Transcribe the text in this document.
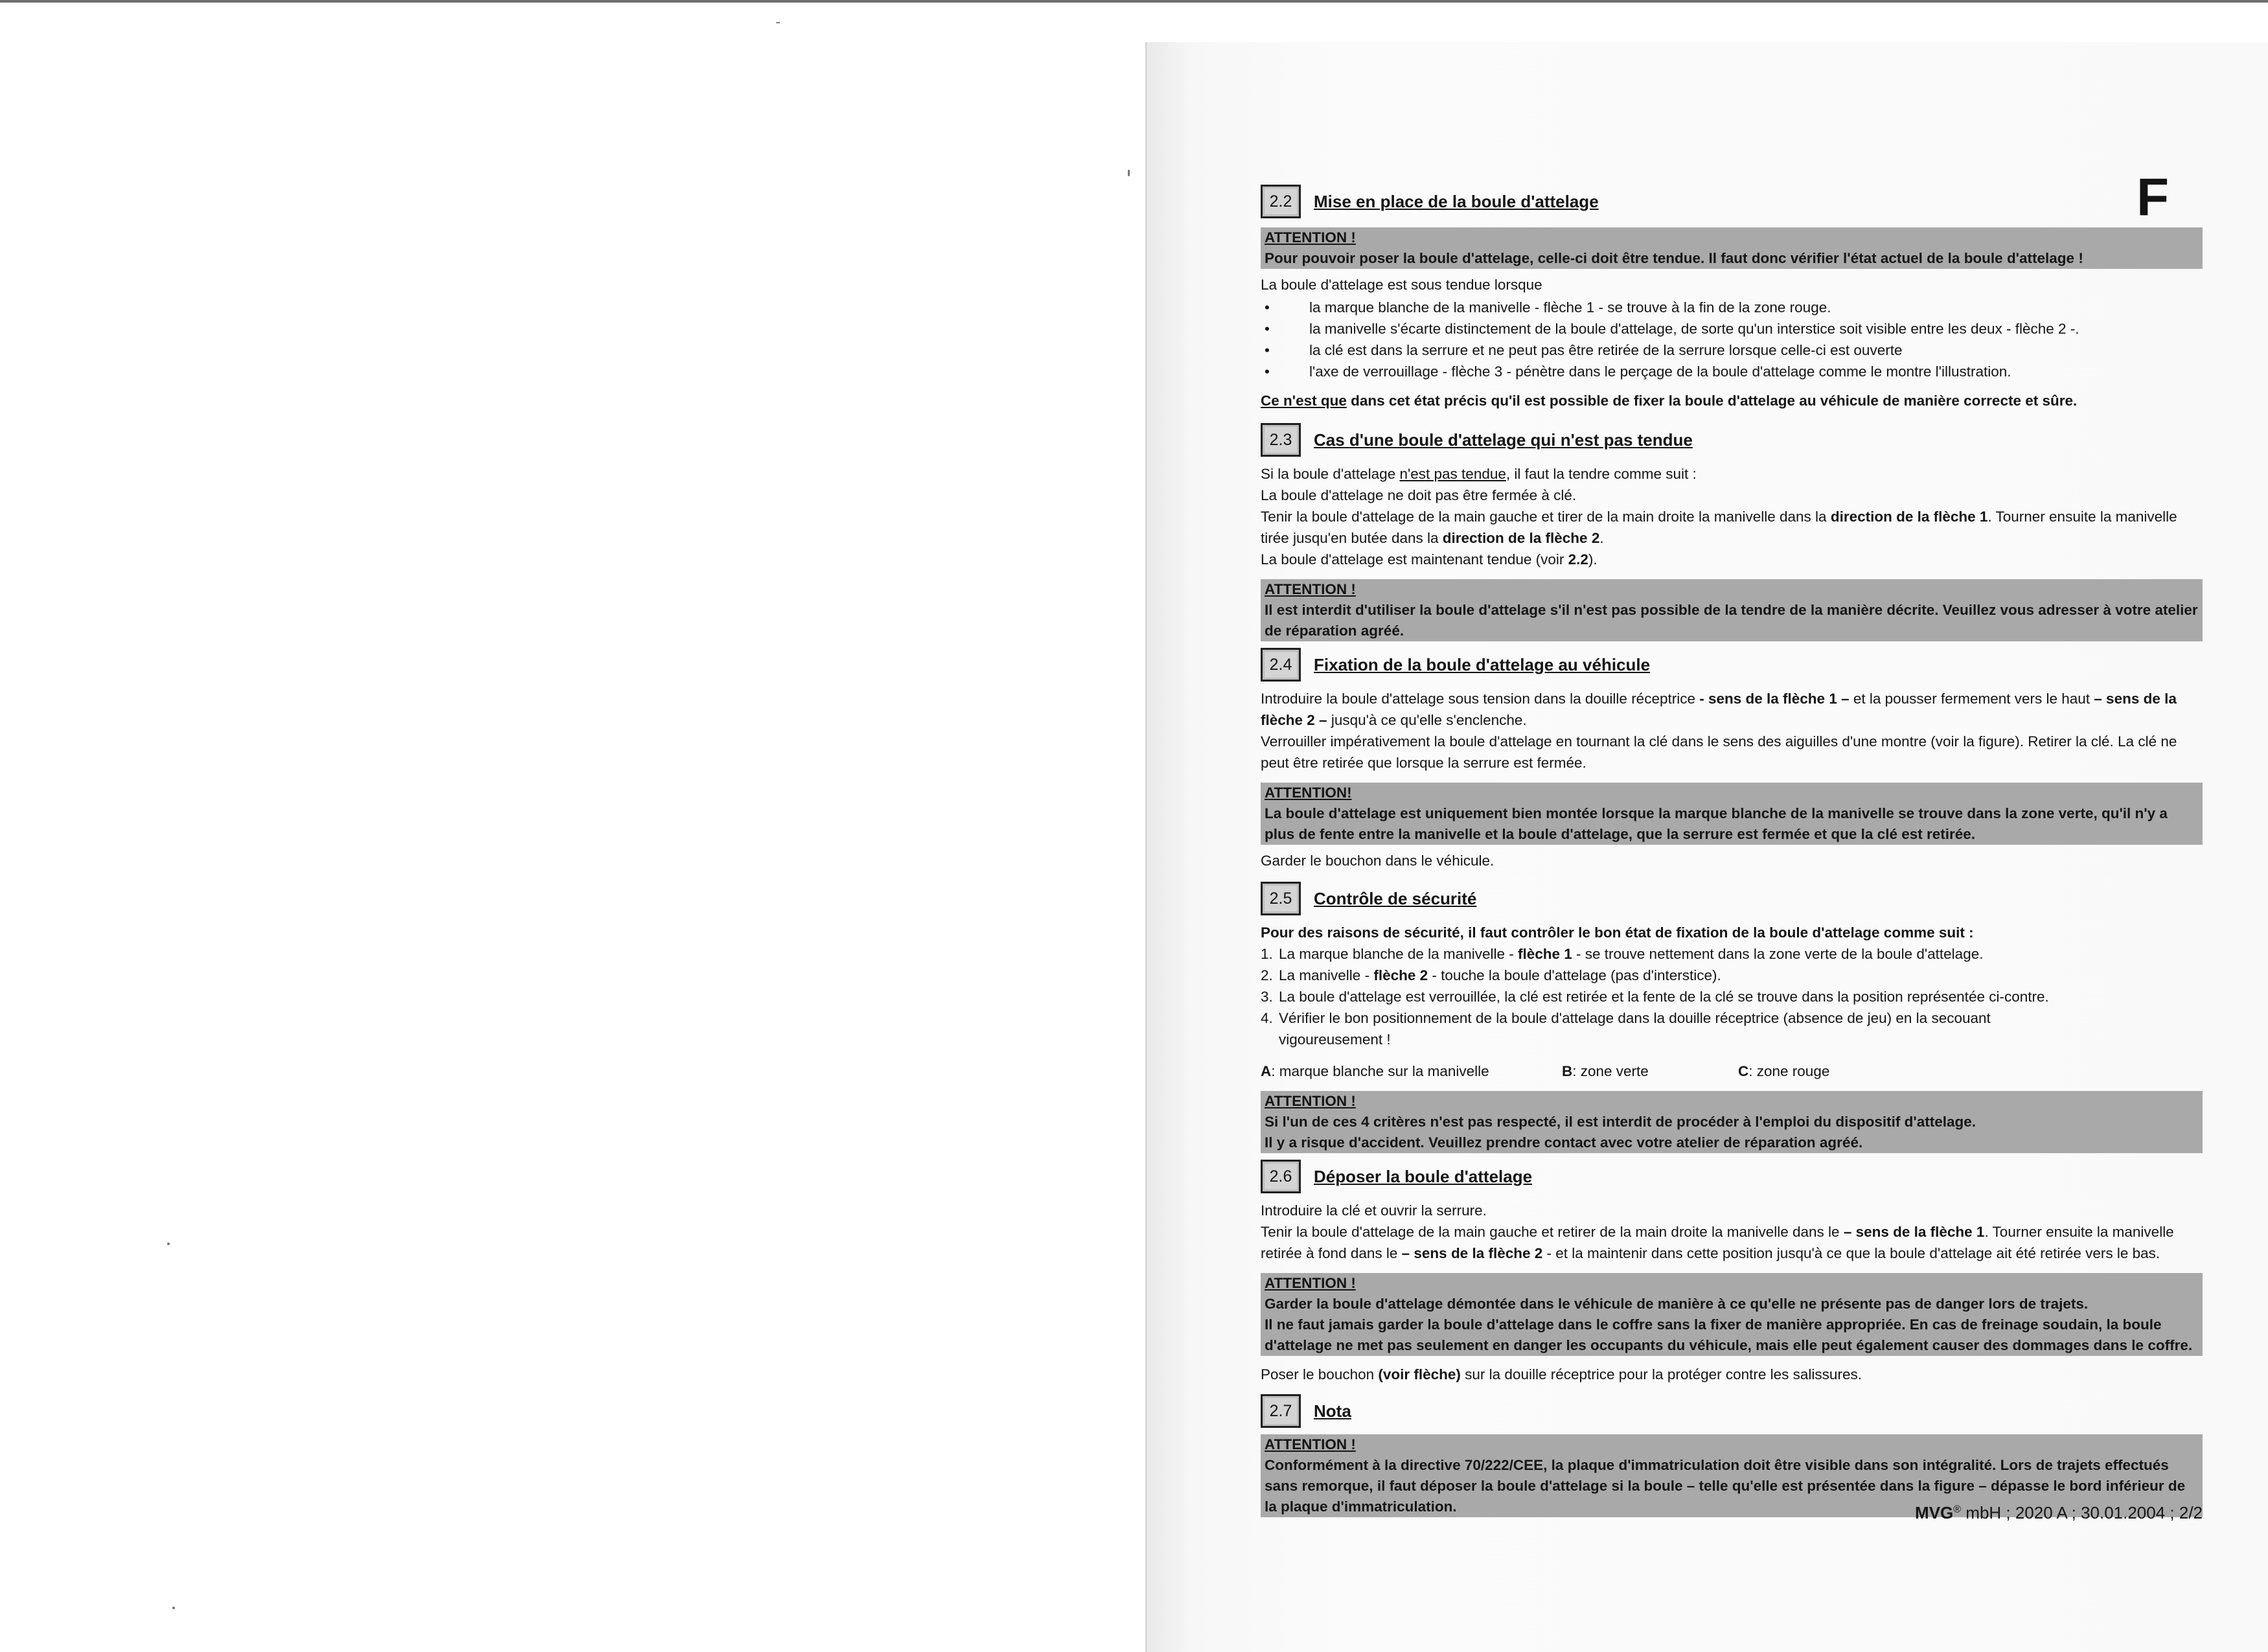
F
2.2	Mise en place de la boule d'attelage
ATTENTION !
Pour pouvoir poser la boule d'attelage, celle-ci doit être tendue. Il faut donc vérifier l'état actuel de la boule d'attelage !

La boule d'attelage est sous tendue lorsque

• la marque blanche de la manivelle - flèche 1 - se trouve à la fin de la zone rouge.
• la manivelle s'écarte distinctement de la boule d'attelage, de sorte qu'un interstice soit visible entre les deux - flèche 2 -.
• la clé est dans la serrure et ne peut pas être retirée de la serrure lorsque celle-ci est ouverte
• l'axe de verrouillage - flèche 3 - pénètre dans le perçage de la boule d'attelage comme le montre l'illustration.

Ce n'est que dans cet état précis qu'il est possible de fixer la boule d'attelage au véhicule de manière correcte et sûre.

2.3	Cas d'une boule d'attelage qui n'est pas tendue

Si la boule d'attelage n'est pas tendue, il faut la tendre comme suit :

La boule d'attelage ne doit pas être fermée à clé.

Tenir la boule d'attelage de la main gauche et tirer de la main droite la manivelle dans la direction de la flèche 1. Tourner ensuite la manivelle tirée jusqu'en butée dans la direction de la flèche 2.

La boule d'attelage est maintenant tendue (voir 2.2).

ATTENTION !
Il est interdit d'utiliser la boule d'attelage s'il n'est pas possible de la tendre de la manière décrite. Veuillez vous adresser à votre atelier de réparation agréé.
2.4	Fixation de la boule d'attelage au véhicule

Introduire la boule d'attelage sous tension dans la douille réceptrice - sens de la flèche 1 – et la pousser fermement vers le haut – sens de la flèche 2 – jusqu'à ce qu'elle s'enclenche.

Verrouiller impérativement la boule d'attelage en tournant la clé dans le sens des aiguilles d'une montre (voir la figure). Retirer la clé. La clé ne peut être retirée que lorsque la serrure est fermée.

ATTENTION!
La boule d'attelage est uniquement bien montée lorsque la marque blanche de la manivelle se trouve dans la zone verte, qu'il n'y a plus de fente entre la manivelle et la boule d'attelage, que la serrure est fermée et que la clé est retirée.

Garder le bouchon dans le véhicule.

2.5	Contrôle de sécurité

Pour des raisons de sécurité, il faut contrôler le bon état de fixation de la boule d'attelage comme suit :

1. La marque blanche de la manivelle - flèche 1 - se trouve nettement dans la zone verte de la boule d'attelage.
2. La manivelle - flèche 2 - touche la boule d'attelage (pas d'interstice).
3. La boule d'attelage est verrouillée, la clé est retirée et la fente de la clé se trouve dans la position représentée ci-contre.
4. Vérifier le bon positionnement de la boule d'attelage dans la douille réceptrice (absence de jeu) en la secouant vigoureusement !
A: marque blanche sur la manivelle	B: zone verte	C: zone rouge
ATTENTION !
Si l'un de ces 4 critères n'est pas respecté, il est interdit de procéder à l'emploi du dispositif d'attelage.
Il y a risque d'accident. Veuillez prendre contact avec votre atelier de réparation agréé.
2.6	Déposer la boule d'attelage

Introduire la clé et ouvrir la serrure.

Tenir la boule d'attelage de la main gauche et retirer de la main droite la manivelle dans le – sens de la flèche 1. Tourner ensuite la manivelle retirée à fond dans le – sens de la flèche 2 - et la maintenir dans cette position jusqu'à ce que la boule d'attelage ait été retirée vers le bas.

ATTENTION !
Garder la boule d'attelage démontée dans le véhicule de manière à ce qu'elle ne présente pas de danger lors de trajets.
Il ne faut jamais garder la boule d'attelage dans le coffre sans la fixer de manière appropriée. En cas de freinage soudain, la boule d'attelage ne met pas seulement en danger les occupants du véhicule, mais elle peut également causer des dommages dans le coffre.

Poser le bouchon (voir flèche) sur la douille réceptrice pour la protéger contre les salissures.

2.7	Nota
ATTENTION !
Conformément à la directive 70/222/CEE, la plaque d'immatriculation doit être visible dans son intégralité. Lors de trajets effectués sans remorque, il faut déposer la boule d'attelage si la boule – telle qu'elle est présentée dans la figure – dépasse le bord inférieur de la plaque d'immatriculation.	MVG® mbH ; 2020 A ; 30.01.2004 ; 2/2
